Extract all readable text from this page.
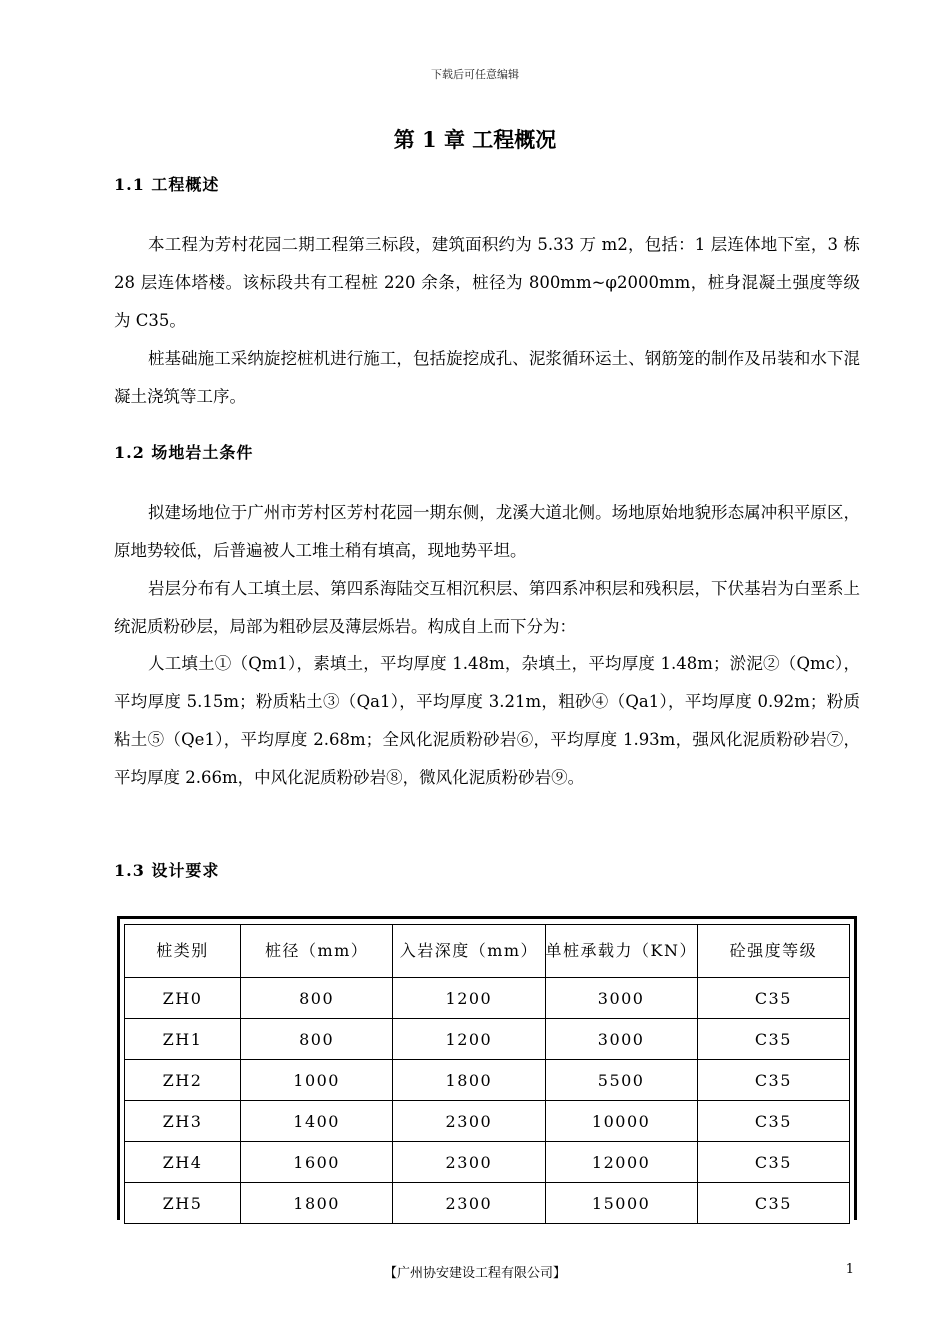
下载后可任意编辑
第 1 章 工程概况
1.1 工程概述

本工程为芳村花园二期工程第三标段，建筑面积约为 5.33 万 m2，包括：1 层连体地下室，3 栋 28 层连体塔楼。该标段共有工程桩 220 余条，桩径为 800mm~φ2000mm，桩身混凝土强度等级为 C35。

桩基础施工采纳旋挖桩机进行施工，包括旋挖成孔、泥浆循环运土、钢筋笼的制作及吊装和水下混凝土浇筑等工序。

1.2 场地岩土条件

拟建场地位于广州市芳村区芳村花园一期东侧，龙溪大道北侧。场地原始地貌形态属冲积平原区，原地势较低，后普遍被人工堆土稍有填高，现地势平坦。

岩层分布有人工填土层、第四系海陆交互相沉积层、第四系冲积层和残积层，下伏基岩为白垩系上统泥质粉砂层，局部为粗砂层及薄层烁岩。构成自上而下分为：

人工填土①（Qm1），素填土，平均厚度 1.48m，杂填土，平均厚度 1.48m；淤泥②（Qmc），平均厚度 5.15m；粉质粘土③（Qa1），平均厚度 3.21m，粗砂④（Qa1），平均厚度 0.92m；粉质粘土⑤（Qe1），平均厚度 2.68m；全风化泥质粉砂岩⑥，平均厚度 1.93m，强风化泥质粉砂岩⑦，平均厚度 2.66m，中风化泥质粉砂岩⑧，微风化泥质粉砂岩⑨。

1.3 设计要求
桩类别	桩径（mm）	入岩深度（mm）	单桩承载力（KN）	砼强度等级
ZH0	800	1200	3000	C35
ZH1	800	1200	3000	C35
ZH2	1000	1800	5500	C35
ZH3	1400	2300	10000	C35
ZH4	1600	2300	12000	C35
ZH5	1800	2300	15000	C35
【广州协安建设工程有限公司】	1
